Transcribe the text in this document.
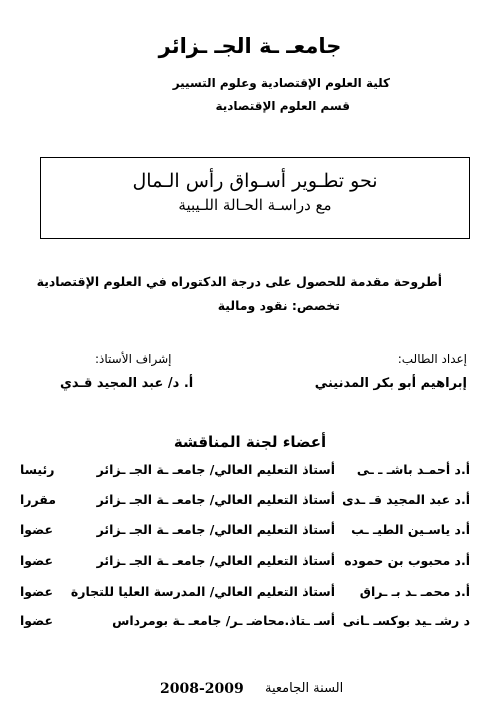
جامعـ ـة الجـ ـزائر
كلية العلوم الإقتصادية وعلوم التسيير
قسم العلوم الإقتصادية
نحو تطـوير أسـواق رأس الـمال
مع دراسـة الحـالة اللـيبية
أطروحة مقدمة للحصول على درجة الدكتوراه في العلوم الإقتصادية
تخصص: نقود ومالية
إعداد الطالب:
إشراف الأستاذ:
إبراهيم أبو بكر المدنيني
أ. د/ عبد المجيد قـدي
أعضاء لجنة المناقشة
أ.د أحمـد باشـ ـ ـى
أستاذ التعليم العالي/ جامعـ ـة الجـ ـزائر
رئيسا
أ.د عبد المجيد قـ ـدى
أستاذ التعليم العالي/ جامعـ ـة الجـ ـزائر
مقررا
أ.د ياسـين الطيـ ـب
أستاذ التعليم العالي/ جامعـ ـة الجـ ـزائر
عضوا
أ.د محبوب بن حموده
أستاذ التعليم العالي/ جامعـ ـة الجـ ـزائر
عضوا
أ.د محمـ ـد بـ ـراق
أستاذ التعليم العالي/ المدرسة العليا للتجارة
عضوا
د رشـ ـيد بوكسـ ـانى
أسـ ـتاذ.محاضـ ـر/ جامعـ ـة بومرداس
عضوا
السنة الجامعية
2008-2009
